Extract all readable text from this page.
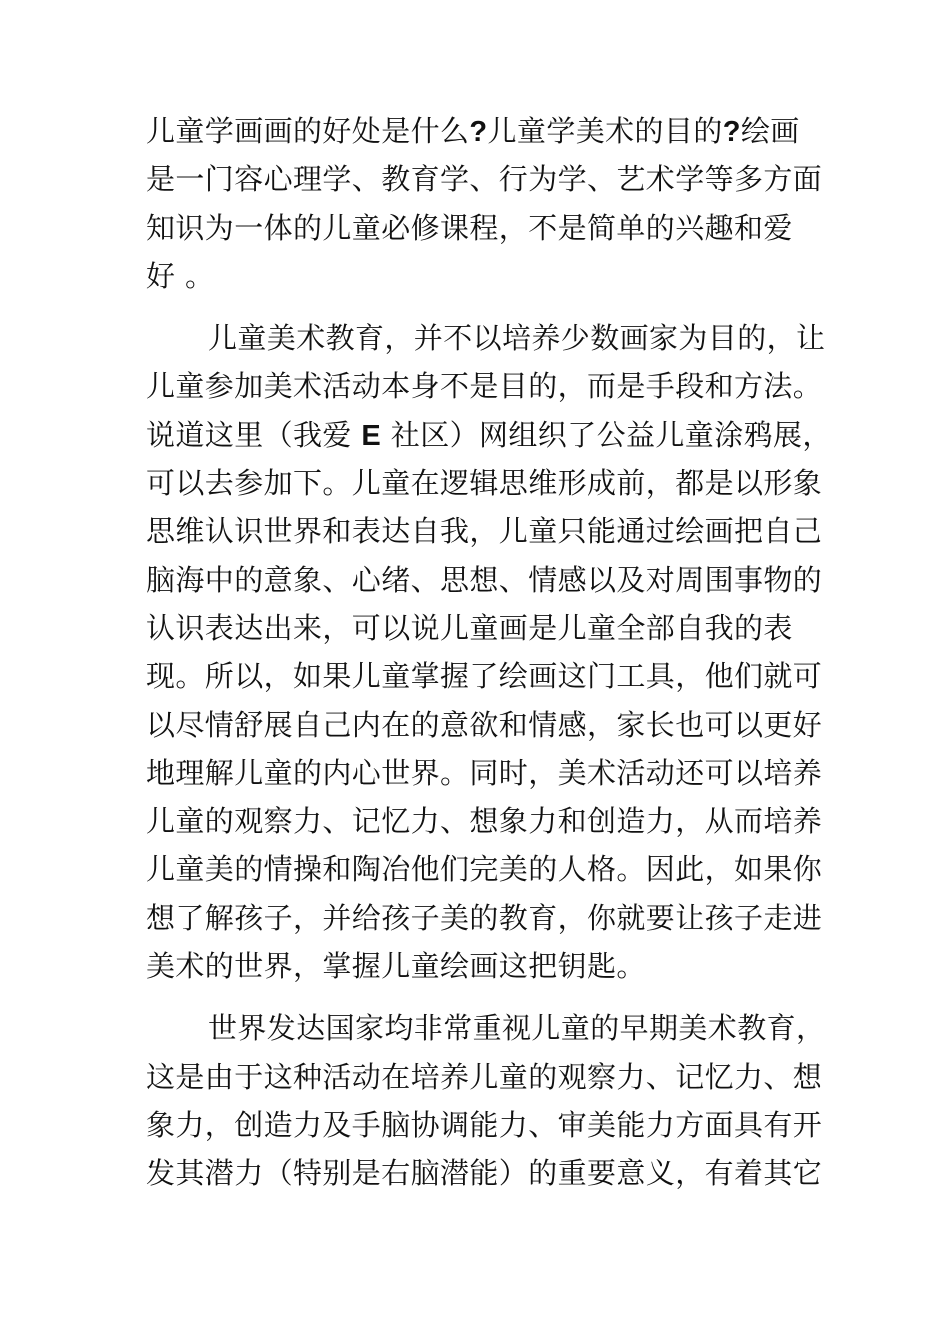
儿童学画画的好处是什么?儿童学美术的目的?绘画
是一门容心理学、教育学、行为学、艺术学等多方面
知识为一体的儿童必修课程，不是简单的兴趣和爱
好 。
儿童美术教育，并不以培养少数画家为目的，让
儿童参加美术活动本身不是目的，而是手段和方法。
说道这里（我爱 E 社区）网组织了公益儿童涂鸦展，
可以去参加下。儿童在逻辑思维形成前，都是以形象
思维认识世界和表达自我，儿童只能通过绘画把自己
脑海中的意象、心绪、思想、情感以及对周围事物的
认识表达出来，可以说儿童画是儿童全部自我的表
现。所以，如果儿童掌握了绘画这门工具，他们就可
以尽情舒展自己内在的意欲和情感，家长也可以更好
地理解儿童的内心世界。同时，美术活动还可以培养
儿童的观察力、记忆力、想象力和创造力，从而培养
儿童美的情操和陶冶他们完美的人格。因此，如果你
想了解孩子，并给孩子美的教育，你就要让孩子走进
美术的世界，掌握儿童绘画这把钥匙。
世界发达国家均非常重视儿童的早期美术教育，
这是由于这种活动在培养儿童的观察力、记忆力、想
象力，创造力及手脑协调能力、审美能力方面具有开
发其潜力（特别是右脑潜能）的重要意义，有着其它
